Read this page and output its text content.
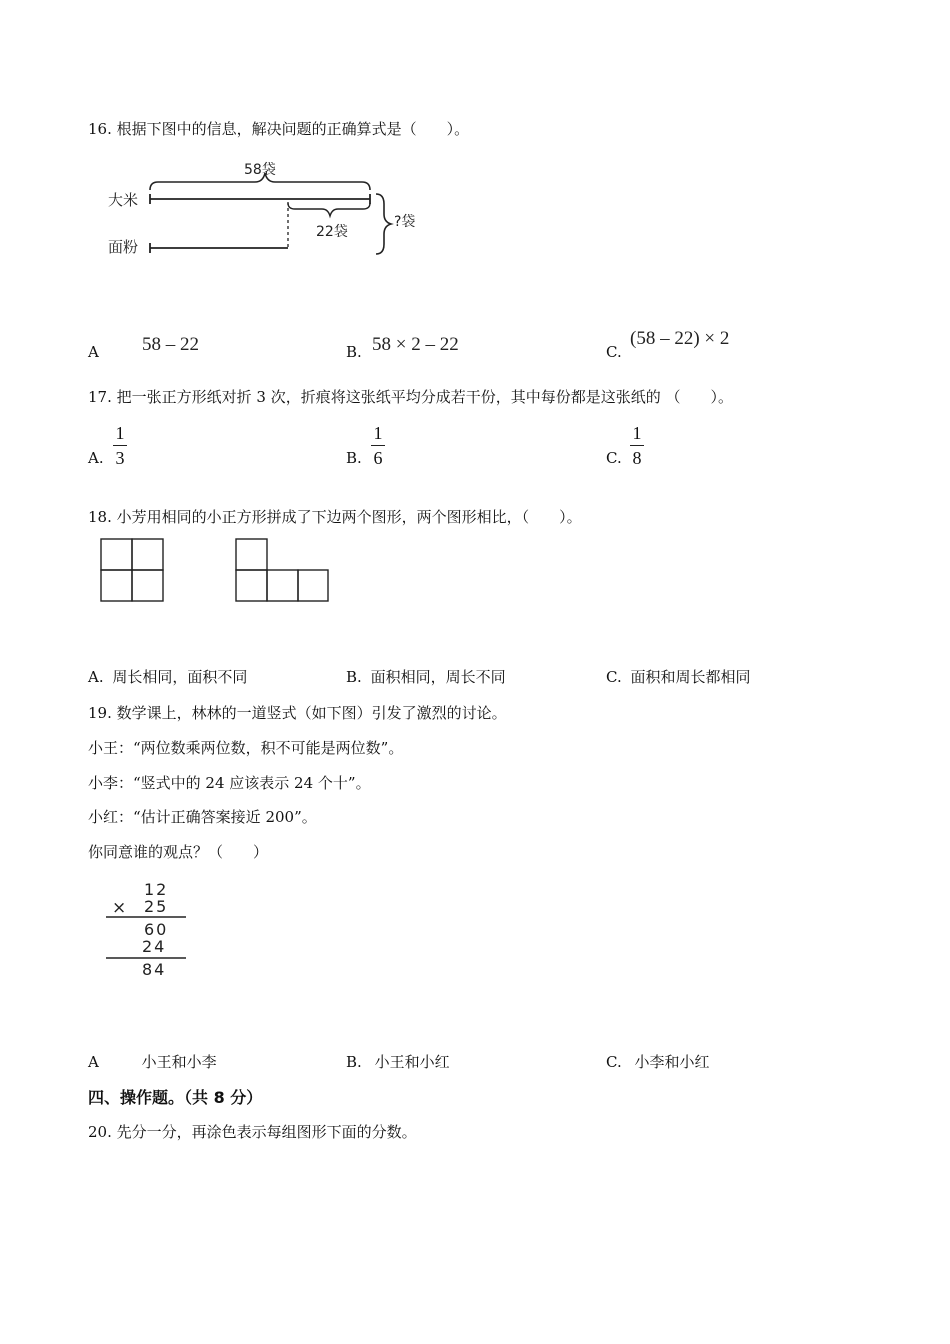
16. 根据下图中的信息，解决问题的正确算式是（　　）。
大米
面粉
58袋
22袋
?袋
A 58 – 22	B. 58 × 2 – 22	C.
(58 – 22) × 2
17. 把一张正方形纸对折 3 次，折痕将这张纸平均分成若干份，其中每份都是这张纸的 （　　）。
A.
1
3	B.
1
6	C.
1
8
18. 小芳用相同的小正方形拼成了下边两个图形，两个图形相比，（　　）。
A. 周长相同，面积不同	B. 面积相同，周长不同	C. 面积和周长都相同
19. 数学课上，林林的一道竖式（如下图）引发了激烈的讨论。
小王：“两位数乘两位数，积不可能是两位数”。
小李：“竖式中的 24 应该表示 24 个十”。
小红：“估计正确答案接近 200”。
你同意谁的观点？（　　）
12
× 25
60
24
84
A	小王和小李	B. 小王和小红	C. 小李和小红
四、操作题。（共 8 分）
20. 先分一分，再涂色表示每组图形下面的分数。
